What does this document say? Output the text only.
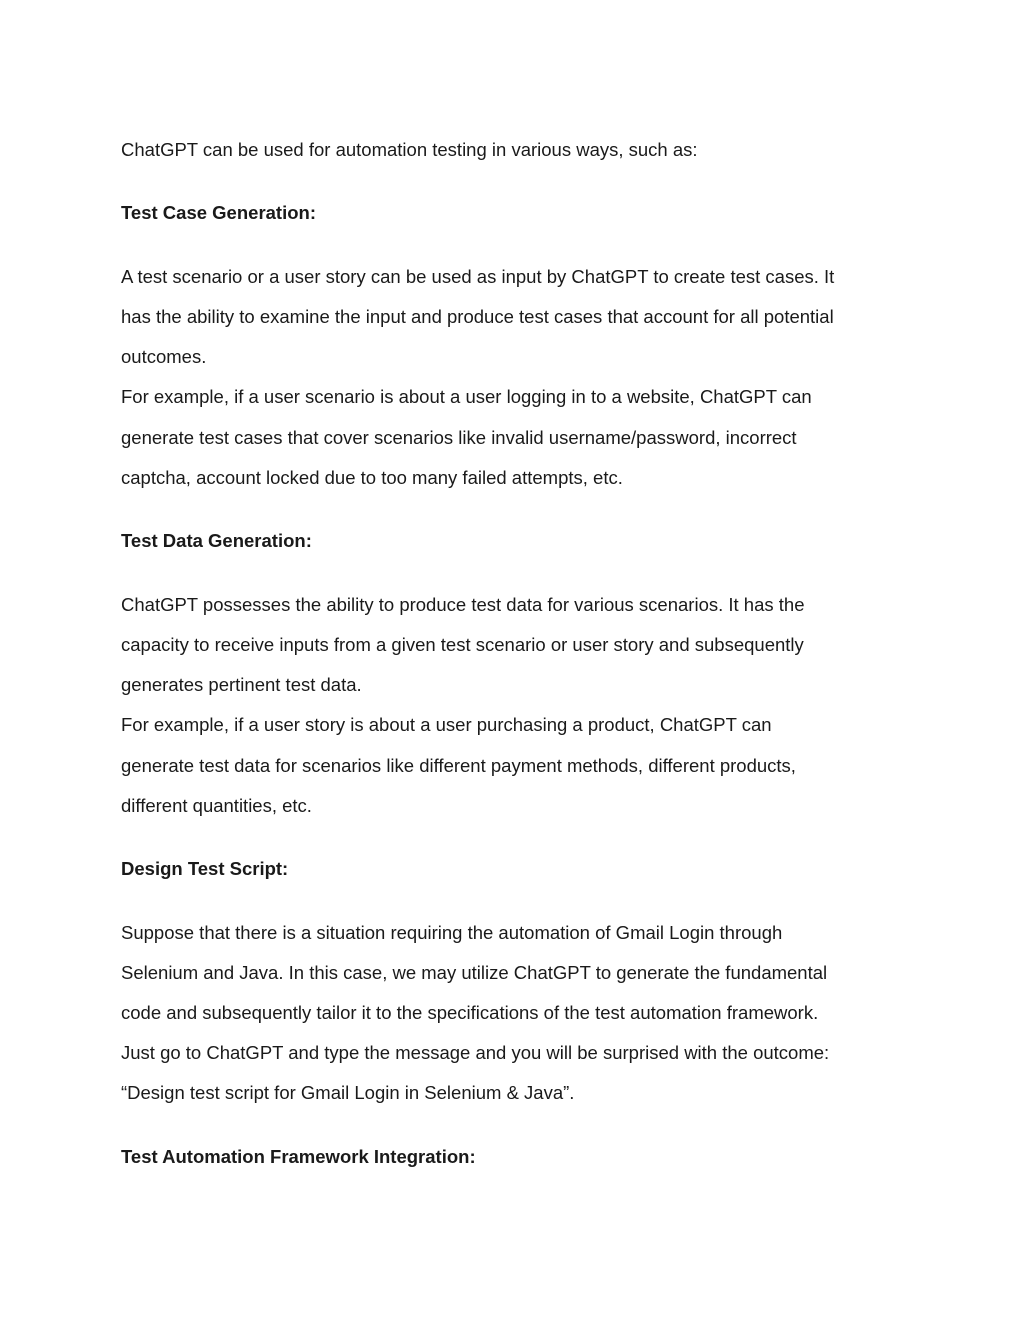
ChatGPT can be used for automation testing in various ways, such as:
Test Case Generation:
A test scenario or a user story can be used as input by ChatGPT to create test cases. It
has the ability to examine the input and produce test cases that account for all potential
outcomes.
For example, if a user scenario is about a user logging in to a website, ChatGPT can
generate test cases that cover scenarios like invalid username/password, incorrect
captcha, account locked due to too many failed attempts, etc.
Test Data Generation:
ChatGPT possesses the ability to produce test data for various scenarios. It has the
capacity to receive inputs from a given test scenario or user story and subsequently
generates pertinent test data.
For example, if a user story is about a user purchasing a product, ChatGPT can
generate test data for scenarios like different payment methods, different products,
different quantities, etc.
Design Test Script:
Suppose that there is a situation requiring the automation of Gmail Login through
Selenium and Java. In this case, we may utilize ChatGPT to generate the fundamental
code and subsequently tailor it to the specifications of the test automation framework.
Just go to ChatGPT and type the message and you will be surprised with the outcome:
“Design test script for Gmail Login in Selenium & Java”.
Test Automation Framework Integration:
